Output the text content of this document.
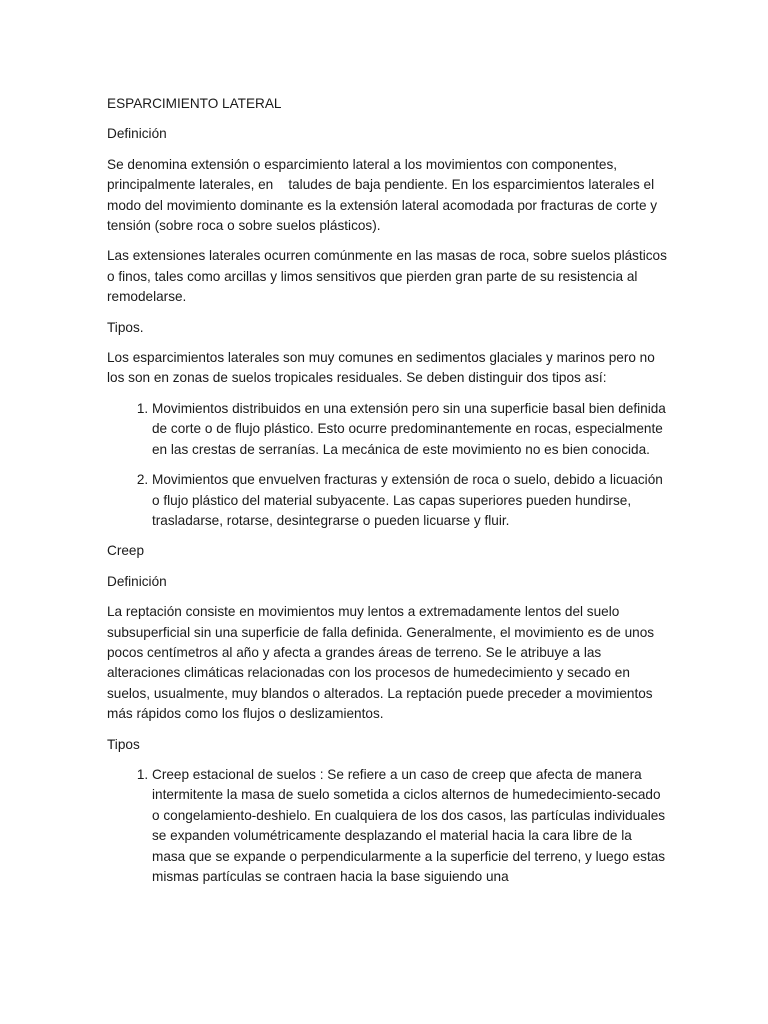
ESPARCIMIENTO LATERAL

Definición

Se denomina extensión o esparcimiento lateral a los movimientos con componentes, principalmente laterales, en    taludes de baja pendiente. En los esparcimientos laterales el modo del movimiento dominante es la extensión lateral acomodada por fracturas de corte y tensión (sobre roca o sobre suelos plásticos).

Las extensiones laterales ocurren comúnmente en las masas de roca, sobre suelos plásticos o finos, tales como arcillas y limos sensitivos que pierden gran parte de su resistencia al remodelarse.

Tipos.

Los esparcimientos laterales son muy comunes en sedimentos glaciales y marinos pero no los son en zonas de suelos tropicales residuales. Se deben distinguir dos tipos así:

1. Movimientos distribuidos en una extensión pero sin una superficie basal bien definida de corte o de flujo plástico. Esto ocurre predominantemente en rocas, especialmente en las crestas de serranías. La mecánica de este movimiento no es bien conocida.
2. Movimientos que envuelven fracturas y extensión de roca o suelo, debido a licuación o flujo plástico del material subyacente. Las capas superiores pueden hundirse, trasladarse, rotarse, desintegrarse o pueden licuarse y fluir.

Creep

Definición

La reptación consiste en movimientos muy lentos a extremadamente lentos del suelo subsuperficial sin una superficie de falla definida. Generalmente, el movimiento es de unos pocos centímetros al año y afecta a grandes áreas de terreno. Se le atribuye a las alteraciones climáticas relacionadas con los procesos de humedecimiento y secado en suelos, usualmente, muy blandos o alterados. La reptación puede preceder a movimientos más rápidos como los flujos o deslizamientos.

Tipos

1. Creep estacional de suelos : Se refiere a un caso de creep que afecta de manera intermitente la masa de suelo sometida a ciclos alternos de humedecimiento-secado o congelamiento-deshielo. En cualquiera de los dos casos, las partículas individuales se expanden volumétricamente desplazando el material hacia la cara libre de la masa que se expande o perpendicularmente a la superficie del terreno, y luego estas mismas partículas se contraen hacia la base siguiendo una
